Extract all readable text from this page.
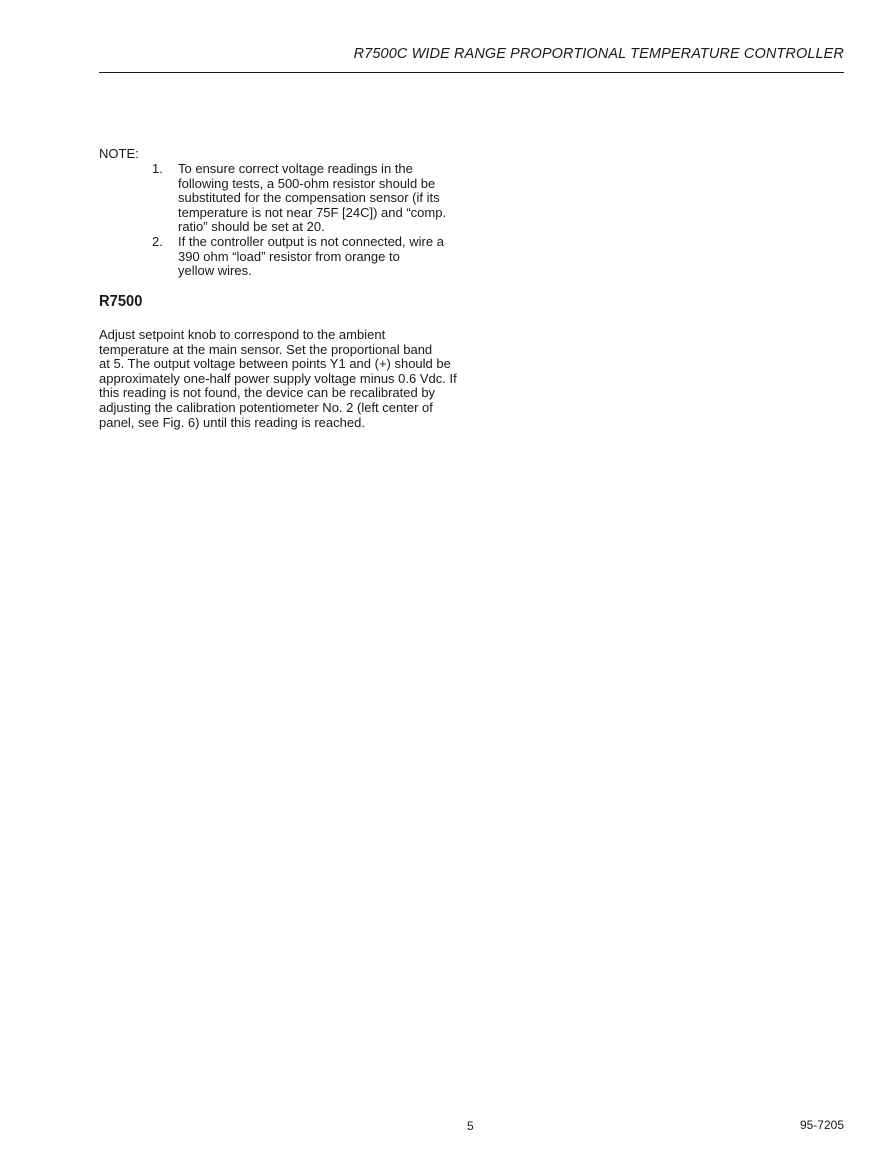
R7500C WIDE RANGE PROPORTIONAL TEMPERATURE CONTROLLER
NOTE:
1. To ensure correct voltage readings in the
following tests, a 500-ohm resistor should be
substituted for the compensation sensor (if its
temperature is not near 75F [24C]) and “comp.
ratio” should be set at 20.
2. If the controller output is not connected, wire a
390 ohm “load” resistor from orange to
yellow wires.
R7500

Adjust setpoint knob to correspond to the ambient
temperature at the main sensor. Set the proportional band
at 5. The output voltage between points Y1 and (+) should be
approximately one-half power supply voltage minus 0.6 Vdc. If
this reading is not found, the device can be recalibrated by
adjusting the calibration potentiometer No. 2 (left center of
panel, see Fig. 6) until this reading is reached.

5	95-7205
